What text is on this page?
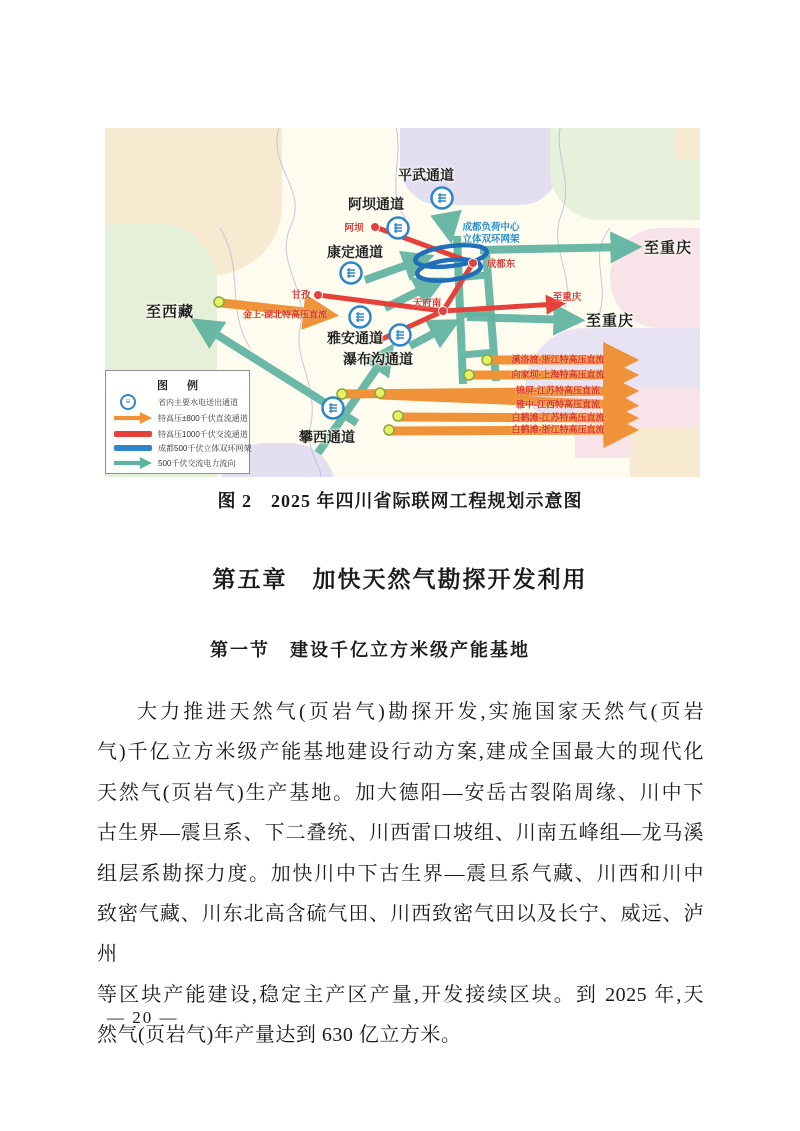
平武通道
阿坝通道
康定通道
雅安通道
瀑布沟通道
攀西通道
至西藏
至重庆
至重庆
至重庆
阿坝
甘孜
成都东
天府南
成都负荷中心
立体双环网架
金上-湖北特高压直流
溪洛渡-浙江特高压直流
向家坝-上海特高压直流
锦屏-江苏特高压直流
雅中-江西特高压直流
白鹤滩-江苏特高压直流
白鹤滩-浙江特高压直流
图 例
≡	省内主要水电送出通道
特高压±800千伏直流通道
特高压1000千伏交流通道
成都500千伏立体双环网架
500千伏交流电力流向
图 2　2025 年四川省际联网工程规划示意图
第五章　加快天然气勘探开发利用
第一节　建设千亿立方米级产能基地
大力推进天然气(页岩气)勘探开发,实施国家天然气(页岩
气)千亿立方米级产能基地建设行动方案,建成全国最大的现代化
天然气(页岩气)生产基地。加大德阳—安岳古裂陷周缘、川中下
古生界—震旦系、下二叠统、川西雷口坡组、川南五峰组—龙马溪
组层系勘探力度。加快川中下古生界—震旦系气藏、川西和川中
致密气藏、川东北高含硫气田、川西致密气田以及长宁、威远、泸州
等区块产能建设,稳定主产区产量,开发接续区块。到 2025 年,天
然气(页岩气)年产量达到 630 亿立方米。
— 20 —
